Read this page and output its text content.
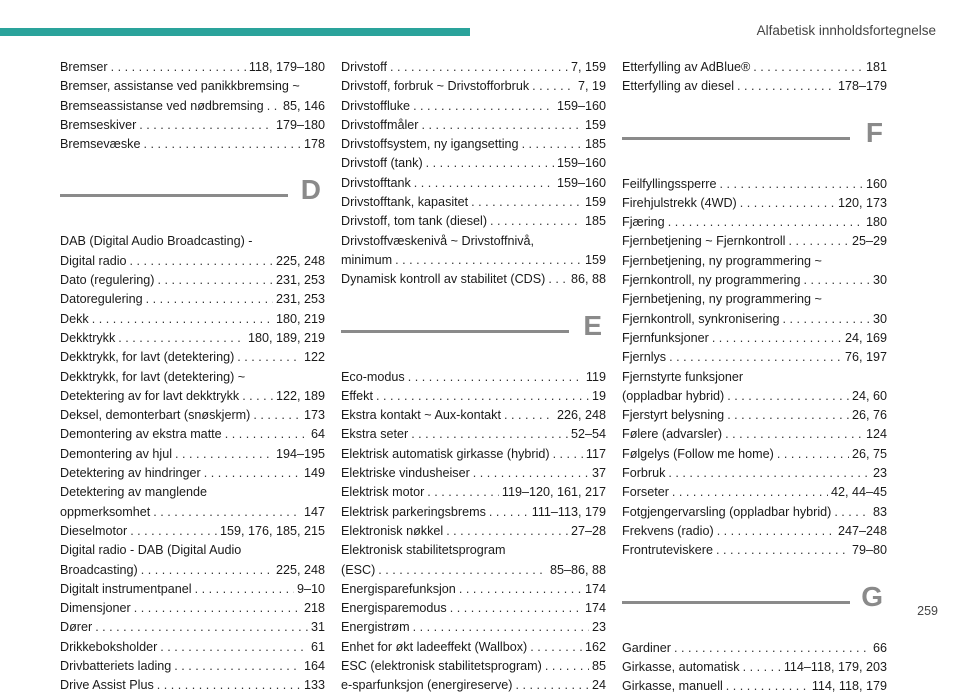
Alfabetisk innholdsfortegnelse
Bremser . . .	118, 179–180
Bremser, assistanse ved panikkbremsing ~
Bremseassistanse ved nødbremsing . . . 85, 146
Bremseskiver . . .	179–180
Bremsevæske . . .	178
D
DAB (Digital Audio Broadcasting) -
Digital radio . . .	225, 248
Dato (regulering) . . .	231, 253
Datoregulering . . .	231, 253
Dekk . . .	180, 219
Dekktrykk . . .	180, 189, 219
Dekktrykk, for lavt (detektering) . . .	122
Dekktrykk, for lavt (detektering) ~
Detektering av for lavt dekktrykk . . .	122, 189
Deksel, demonterbart (snøskjerm) . . .	173
Demontering av ekstra matte . . .	64
Demontering av hjul . . .	194–195
Detektering av hindringer . . .	149
Detektering av manglende
oppmerksomhet . . .	147
Dieselmotor . . .	159, 176, 185, 215
Digital radio - DAB (Digital Audio
Broadcasting) . . .	225, 248
Digitalt instrumentpanel . . .	9–10
Dimensjoner . . .	218
Dører . . .	31
Drikkeboksholder . . .	61
Drivbatteriets lading . . .	164
Drive Assist Plus . . .	133
Drivstoff . . .	7, 159
Drivstoff, forbruk ~ Drivstofforbruk . . .	7, 19
Drivstoffluke . . .	159–160
Drivstoffmåler . . .	159
Drivstoffsystem, ny igangsetting . . .	185
Drivstoff (tank) . . .	159–160
Drivstofftank . . .	159–160
Drivstofftank, kapasitet . . .	159
Drivstoff, tom tank (diesel) . . .	185
Drivstoffvæskenivå ~ Drivstoffnivå,
minimum . . .	159
Dynamisk kontroll av stabilitet (CDS) . . . 86, 88
E
Eco-modus . . .	119
Effekt . . .	19
Ekstra kontakt ~ Aux-kontakt . . .	226, 248
Ekstra seter . . .	52–54
Elektrisk automatisk girkasse (hybrid) . . .	117
Elektriske vindusheiser . . .	37
Elektrisk motor . . .	119–120, 161, 217
Elektrisk parkeringsbrems . . .	111–113, 179
Elektronisk nøkkel . . .	27–28
Elektronisk stabilitetsprogram
(ESC) . . .	85–86, 88
Energisparefunksjon . . .	174
Energisparemodus . . .	174
Energistrøm . . .	23
Enhet for økt ladeeffekt (Wallbox) . . .	162
ESC (elektronisk stabilitetsprogram) . . .	85
e-sparfunksjon (energireserve) . . .	24
Etterfylling av AdBlue® . . .	181
Etterfylling av diesel . . .	178–179
F
Feilfyllingssperre . . .	160
Firehjulstrekk (4WD) . . .	120, 173
Fjæring . . .	180
Fjernbetjening ~ Fjernkontroll . . .	25–29
Fjernbetjening, ny programmering ~
Fjernkontroll, ny programmering . . .	30
Fjernbetjening, ny programmering ~
Fjernkontroll, synkronisering . . .	30
Fjernfunksjoner . . .	24, 169
Fjernlys . . .	76, 197
Fjernstyrte funksjoner
(oppladbar hybrid) . . .	24, 60
Fjerstyrt belysning . . .	26, 76
Følere (advarsler) . . .	124
Følgelys (Follow me home) . . .	26, 75
Forbruk . . .	23
Forseter . . .	42, 44–45
Fotgjengervarsling (oppladbar hybrid) . . .	83
Frekvens (radio) . . .	247–248
Frontruteviskere . . .	79–80
G
Gardiner . . .	66
Girkasse, automatisk . . .	114–118, 179, 203
Girkasse, manuell . . .	114, 118, 179
259
